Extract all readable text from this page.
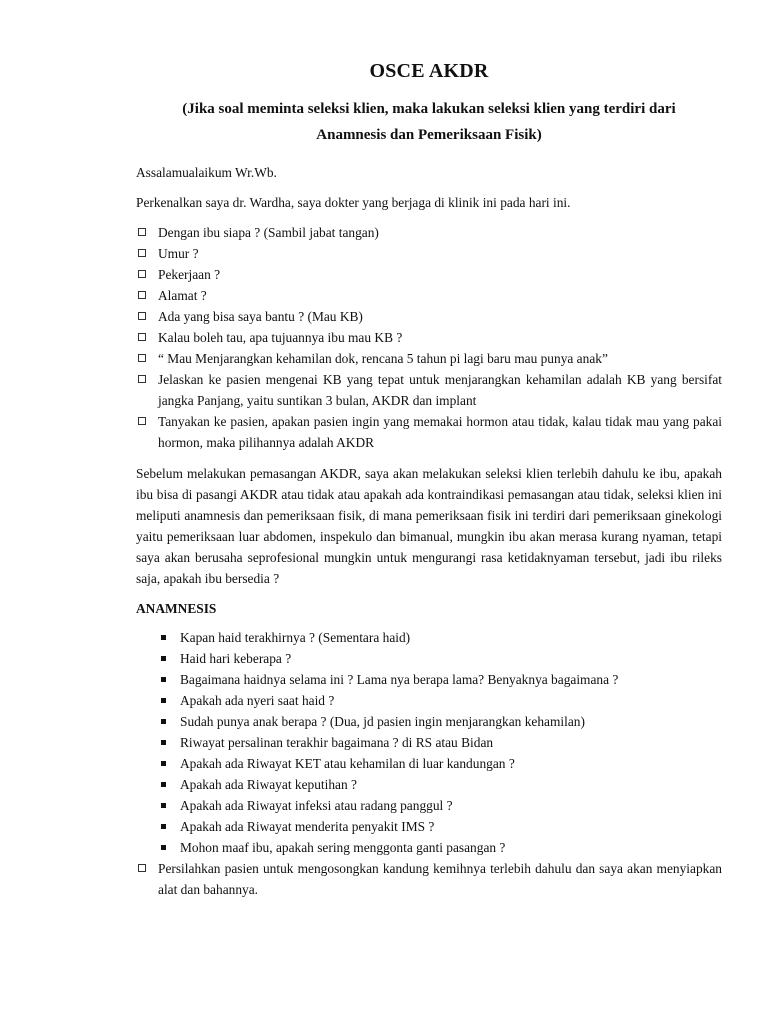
OSCE AKDR
(Jika soal meminta seleksi klien, maka lakukan seleksi klien yang terdiri dari
Anamnesis dan Pemeriksaan Fisik)

Assalamualaikum Wr.Wb.

Perkenalkan saya dr. Wardha, saya dokter yang berjaga di klinik ini pada hari ini.

Dengan ibu siapa ? (Sambil jabat tangan)
Umur ?
Pekerjaan ?
Alamat ?
Ada yang bisa saya bantu ? (Mau KB)
Kalau boleh tau, apa tujuannya ibu mau KB ?
“ Mau Menjarangkan kehamilan dok, rencana 5 tahun pi lagi baru mau punya anak”
Jelaskan ke pasien mengenai KB yang tepat untuk menjarangkan kehamilan adalah KB yang bersifat jangka Panjang, yaitu suntikan 3 bulan, AKDR dan implant
Tanyakan ke pasien, apakan pasien ingin yang memakai hormon atau tidak, kalau tidak mau yang pakai hormon, maka pilihannya adalah AKDR

Sebelum melakukan pemasangan AKDR, saya akan melakukan seleksi klien terlebih dahulu ke ibu, apakah ibu bisa di pasangi AKDR atau tidak atau apakah ada kontraindikasi pemasangan atau tidak, seleksi klien ini meliputi anamnesis dan pemeriksaan fisik, di mana pemeriksaan fisik ini terdiri dari pemeriksaan ginekologi yaitu pemeriksaan luar abdomen, inspekulo dan bimanual, mungkin ibu akan merasa kurang nyaman, tetapi saya akan berusaha seprofesional mungkin untuk mengurangi rasa ketidaknyaman tersebut, jadi ibu rileks saja, apakah ibu bersedia ?

ANAMNESIS
Kapan haid terakhirnya ? (Sementara haid)
Haid hari keberapa ?
Bagaimana haidnya selama ini ? Lama nya berapa lama? Benyaknya bagaimana ?
Apakah ada nyeri saat haid ?
Sudah punya anak berapa ? (Dua, jd pasien ingin menjarangkan kehamilan)
Riwayat persalinan terakhir bagaimana ? di RS atau Bidan
Apakah ada Riwayat KET atau kehamilan di luar kandungan ?
Apakah ada Riwayat keputihan ?
Apakah ada Riwayat infeksi atau radang panggul ?
Apakah ada Riwayat menderita penyakit IMS ?
Mohon maaf ibu, apakah sering menggonta ganti pasangan ?
Persilahkan pasien untuk mengosongkan kandung kemihnya terlebih dahulu dan saya akan menyiapkan alat dan bahannya.
